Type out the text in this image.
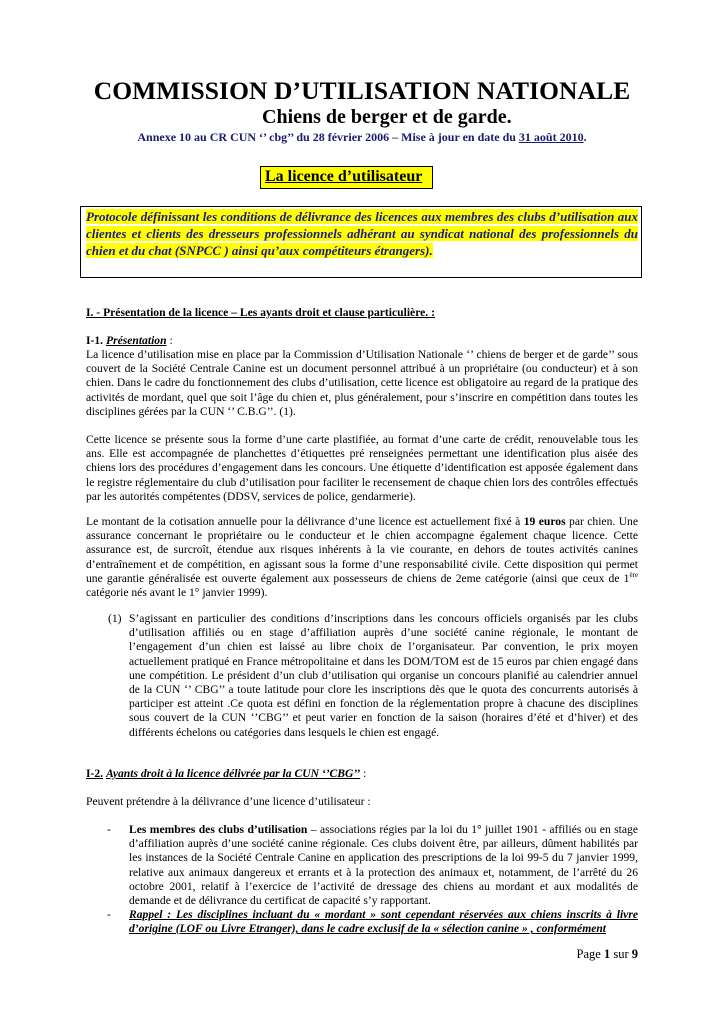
COMMISSION D’UTILISATION NATIONALE
Chiens de berger et de garde.
Annexe 10 au CR CUN ‘’ cbg’’ du 28 février 2006 – Mise à jour en date du 31 août 2010.
La licence d’utilisateur
Protocole définissant les conditions de délivrance des licences aux membres des clubs d’utilisation aux clientes et clients des dresseurs professionnels adhérant au syndicat national des professionnels du chien et du chat (SNPCC ) ainsi qu’aux compétiteurs étrangers).
I. - Présentation de la licence – Les ayants droit et clause particulière. :
I-1. Présentation :
La licence d’utilisation mise en place par la Commission d’Utilisation Nationale ‘’ chiens de berger et de garde’’ sous couvert de la Société Centrale Canine est un document personnel attribué à un propriétaire (ou conducteur) et à son chien. Dans le cadre du fonctionnement des clubs d’utilisation, cette licence est obligatoire au regard de la pratique des activités de mordant, quel que soit l’âge du chien et, plus généralement, pour s’inscrire en compétition dans toutes les disciplines gérées par la CUN ‘’ C.B.G’’. (1).
Cette licence se présente sous la forme d’une carte plastifiée, au format d’une carte de crédit, renouvelable tous les ans. Elle est accompagnée de planchettes d’étiquettes pré renseignées permettant une identification plus aisée des chiens lors des procédures d’engagement dans les concours. Une étiquette d’identification est apposée également dans le registre réglementaire du club d’utilisation pour faciliter le recensement de chaque chien lors des contrôles effectués par les autorités compétentes (DDSV, services de police, gendarmerie).
Le montant de la cotisation annuelle pour la délivrance d’une licence est actuellement fixé à 19 euros par chien. Une assurance concernant le propriétaire ou le conducteur et le chien accompagne également chaque licence. Cette assurance est, de surcroît, étendue aux risques inhérents à la vie courante, en dehors de toutes activités canines d’entraînement et de compétition, en agissant sous la forme d’une responsabilité civile. Cette disposition qui permet une garantie généralisée est ouverte également aux possesseurs de chiens de 2eme catégorie (ainsi que ceux de 1ère catégorie nés avant le 1° janvier 1999).
(1) S’agissant en particulier des conditions d’inscriptions dans les concours officiels organisés par les clubs d’utilisation affiliés ou en stage d’affiliation auprès d’une société canine régionale, le montant de l’engagement d’un chien est laissé au libre choix de l’organisateur. Par convention, le prix moyen actuellement pratiqué en France métropolitaine et dans les DOM/TOM est de 15 euros par chien engagé dans une compétition. Le président d’un club d’utilisation qui organise un concours planifié au calendrier annuel de la CUN ‘’ CBG’’ a toute latitude pour clore les inscriptions dès que le quota des concurrents autorisés à participer est atteint .Ce quota est défini en fonction de la réglementation propre à chacune des disciplines sous couvert de la CUN ‘’CBG’’ et peut varier en fonction de la saison (horaires d’été et d’hiver) et des différents échelons ou catégories dans lesquels le chien est engagé.
I-2. Ayants droit à la licence délivrée par la CUN ‘’CBG’’ :
Peuvent prétendre à la délivrance d’une licence d’utilisateur :
- Les membres des clubs d’utilisation – associations régies par la loi du 1° juillet 1901 - affiliés ou en stage d’affiliation auprès d’une société canine régionale. Ces clubs doivent être, par ailleurs, dûment habilités par les instances de la Société Centrale Canine en application des prescriptions de la loi 99-5 du 7 janvier 1999, relative aux animaux dangereux et errants et à la protection des animaux et, notamment, de l’arrêté du 26 octobre 2001, relatif à l’exercice de l’activité de dressage des chiens au mordant et aux modalités de demande et de délivrance du certificat de capacité s’y rapportant.
- Rappel : Les disciplines incluant du « mordant » sont cependant réservées aux chiens inscrits à livre d’origine (LOF ou Livre Etranger), dans le cadre exclusif de la « sélection canine » , conformément
Page 1 sur 9
